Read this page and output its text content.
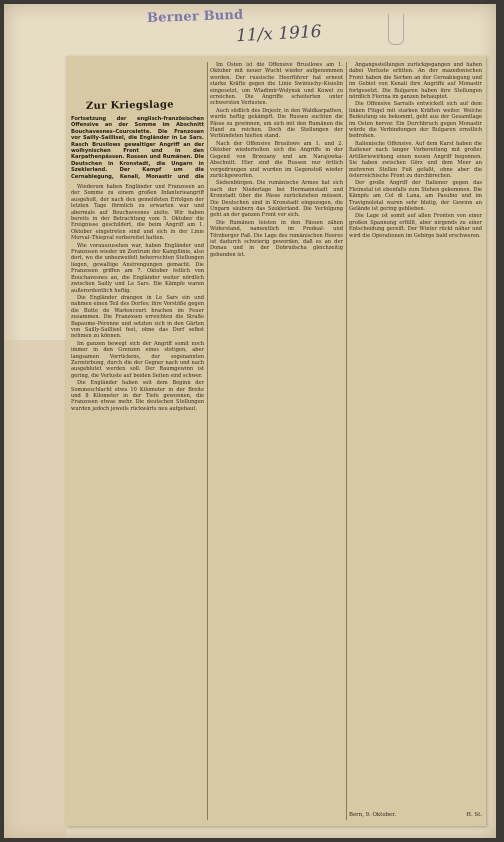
Berner Bund
11/x 1916
Zur Kriegslage
Fortsetzung der englisch-französischen Offensive an der Somme im Abschnitt Bouchavesnes–Courcelette. Die Franzosen vor Sailly-Saillisel, die Engländer in Le Sars. Rasch Brusilows gewaltiger Angriff an der wolhynischen Front und in den Karpathenpässen. Russen und Rumänen. Die Deutschen in Kronstadt, die Ungarn in Szeklerland. Der Kampf um die Cernabiegung, Kenali, Monastir und die

Wiederum haben Engländer und Franzosen an der Somme zu einem großen Infanterieangriff ausgeholt, der nach den gemeldeten Erfolgen der letzten Tage förmlich zu erwarten war und abermals auf Bouchavesnes zielte. Wir haben bereits in der Betrachtung vom 5. Oktober die Ereignisse geschildert, die beim Angriff am 1. Oktober eingetreten sind und sich in der Linie Morval–Thiepval vorbereitet hatten.

Wie vorauszusehen war, haben Engländer und Franzosen wieder im Zentrum der Kampflinie, also dort, wo die unbezweifelt beherrschten Stellungen liegen, gewaltige Anstrengungen gemacht. Die Franzosen griffen am 7. Oktober östlich von Bouchavesnes an, die Engländer weiter nördlich zwischen Sailly und Le Sars. Die Kämpfe waren außerordentlich heftig.

Die Engländer drangen in Le Sars ein und nahmen einen Teil des Dorfes; ihre Vorstöße gegen die Butte de Warlencourt brachen im Feuer zusammen. Die Franzosen erreichten die Straße Bapaume–Péronne und setzten sich in den Gärten von Sailly-Saillisel fest, ohne das Dorf selbst nehmen zu können.

Im ganzen bewegt sich der Angriff somit noch immer in den Grenzen eines stetigen, aber langsamen Vorrückens, der sogenannten Zermürbung, durch die der Gegner nach und nach ausgeblutet werden soll. Der Raumgewinn ist gering, die Verluste auf beiden Seiten sind schwer.

Die Engländer haben seit dem Beginn der Sommeschlacht etwa 10 Kilometer in der Breite und 8 Kilometer in der Tiefe gewonnen, die Franzosen etwas mehr. Die deutschen Stellungen wurden jedoch jeweils rückwärts neu aufgebaut.

Im Osten ist die Offensive Brusilows am 1. Oktober mit neuer Wucht wieder aufgenommen worden. Der russische Heerführer hat erneut starke Kräfte gegen die Linie Swiniuchy–Kisielin eingesetzt, um Wladimir-Wolynsk und Kowel zu erreichen. Die Angriffe scheiterten unter schwersten Verlusten.

Auch südlich des Dnjestr, in den Waldkarpathen, wurde heftig gekämpft. Die Russen suchten die Pässe zu gewinnen, um sich mit den Rumänen die Hand zu reichen. Doch die Stellungen der Verbündeten hielten stand.

Nach der Offensive Brusilows am 1. und 2. Oktober wiederholten sich die Angriffe in der Gegend von Brzezany und am Narajowka-Abschnitt. Hier sind die Russen nur örtlich vorgedrungen und wurden im Gegenstoß wieder zurückgeworfen.

Siebenbürgen. Die rumänische Armee hat sich nach der Niederlage bei Hermannstadt und Kronstadt über die Pässe zurückziehen müssen. Die Deutschen sind in Kronstadt eingezogen, die Ungarn säubern das Szeklerland. Die Verfolgung geht an der ganzen Front vor sich.

Die Rumänen leisten in den Pässen zähen Widerstand, namentlich im Predeal- und Törzburger Paß. Die Lage des rumänischen Heeres ist dadurch schwierig geworden, daß es an der Donau und in der Dobrudscha gleichzeitig gebunden ist.

Angangsstellungen zurückgegangen und haben dabei Verluste erlitten. An der mazedonischen Front haben die Serben an der Cernabiegung und im Gebiet von Kenali ihre Angriffe auf Monastir fortgesetzt. Die Bulgaren haben ihre Stellungen nördlich Florina im ganzen behauptet.

Die Offensive Sarrails entwickelt sich auf dem linken Flügel mit starken Kräften weiter. Welche Bedeutung sie bekommt, geht aus der Gesamtlage im Osten hervor. Ein Durchbruch gegen Monastir würde die Verbindungen der Bulgaren ernstlich bedrohen.

Italienische Offensive. Auf dem Karst haben die Italiener nach langer Vorbereitung mit großer Artilleriewirkung einen neuen Angriff begonnen. Sie haben zwischen Görz und dem Meer an mehreren Stellen Fuß gefaßt, ohne aber die österreichische Front zu durchbrechen.

Der große Angriff der Italiener gegen das Fleimstal ist ebenfalls zum Stehen gekommen. Die Kämpfe am Col di Lana, am Pasubio und im Travignolotal waren sehr blutig, der Gewinn an Gelände ist gering geblieben.

Die Lage ist somit auf allen Fronten von einer großen Spannung erfüllt, aber nirgends zu einer Entscheidung gereift. Der Winter rückt näher und wird die Operationen im Gebirge bald erschweren.

Bern, 9. Oktober.	H. St.
